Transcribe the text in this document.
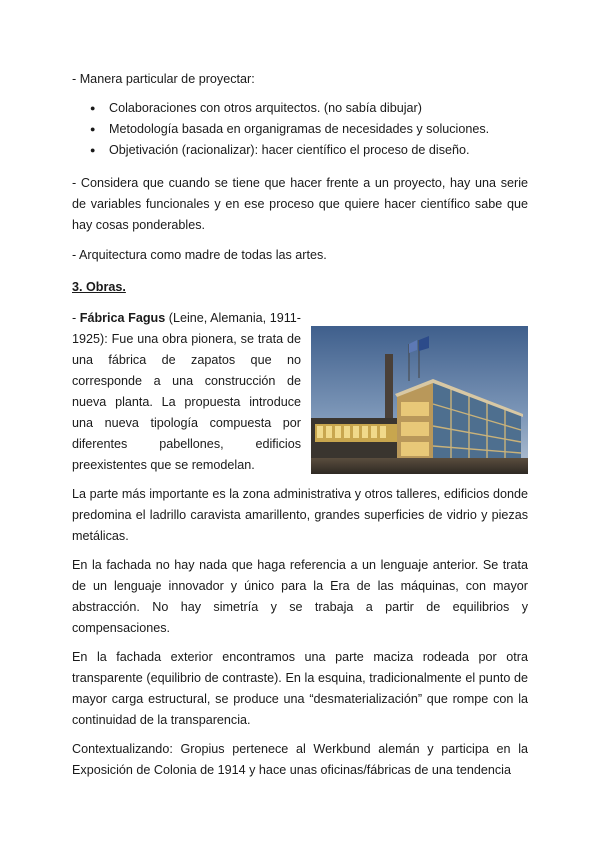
- Manera particular de proyectar:
● Colaboraciones con otros arquitectos. (no sabía dibujar)
● Metodología basada en organigramas de necesidades y soluciones.
● Objetivación (racionalizar): hacer científico el proceso de diseño.
- Considera que cuando se tiene que hacer frente a un proyecto, hay una serie de variables funcionales y en ese proceso que quiere hacer científico sabe que hay cosas ponderables.
- Arquitectura como madre de todas las artes.
3. Obras.

- Fábrica Fagus (Leine, Alemania, 1911-1925): Fue una obra pionera, se trata de una fábrica de zapatos que no corresponde a una construcción de nueva planta. La propuesta introduce una nueva tipología compuesta por diferentes pabellones, edificios preexistentes que se remodelan.

La parte más importante es la zona administrativa y otros talleres, edificios donde predomina el ladrillo caravista amarillento, grandes superficies de vidrio y piezas metálicas.

En la fachada no hay nada que haga referencia a un lenguaje anterior. Se trata de un lenguaje innovador y único para la Era de las máquinas, con mayor abstracción. No hay simetría y se trabaja a partir de equilibrios y compensaciones.

En la fachada exterior encontramos una parte maciza rodeada por otra transparente (equilibrio de contraste). En la esquina, tradicionalmente el punto de mayor carga estructural, se produce una “desmaterialización” que rompe con la continuidad de la transparencia.

Contextualizando: Gropius pertenece al Werkbund alemán y participa en la Exposición de Colonia de 1914 y hace unas oficinas/fábricas de una tendencia
